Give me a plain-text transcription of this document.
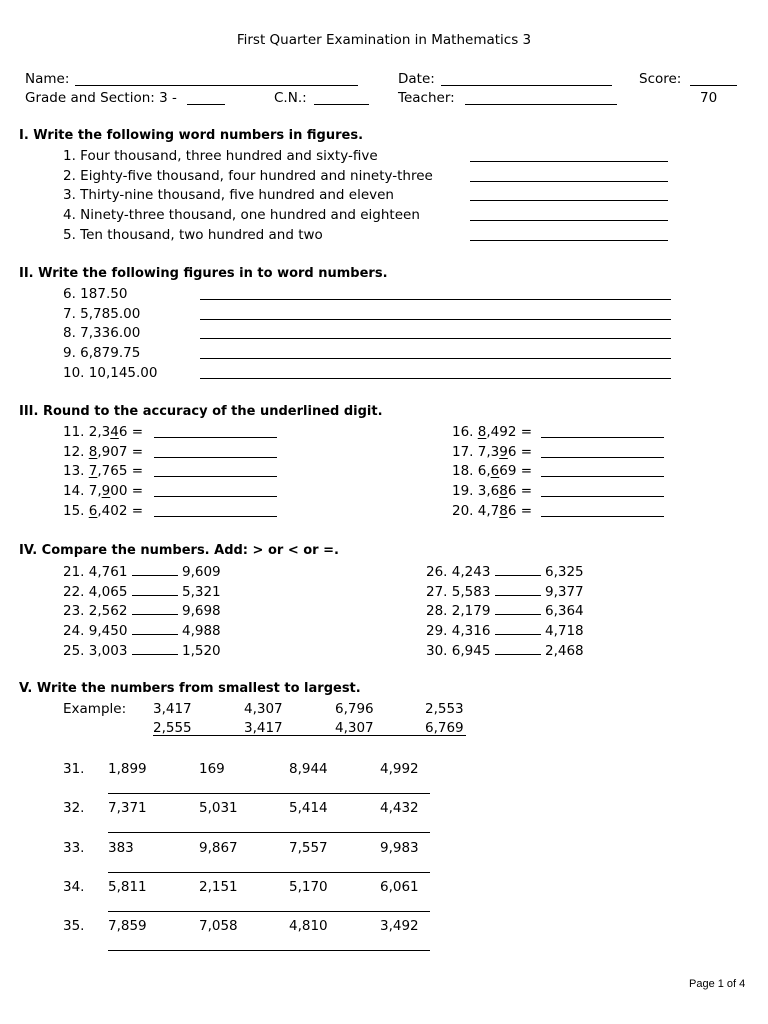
First Quarter Examination in Mathematics 3
Name:	Date:	Score:
Grade and Section: 3 -	C.N.:	Teacher:	70
I. Write the following word numbers in figures.
II. Write the following figures in to word numbers.
III. Round to the accuracy of the underlined digit.
IV. Compare the numbers. Add: > or < or =.
V. Write the numbers from smallest to largest.
Example:
Page 1 of 4
1. Four thousand, three hundred and sixty-five
2. Eighty-five thousand, four hundred and ninety-three
3. Thirty-nine thousand, five hundred and eleven
4. Ninety-three thousand, one hundred and eighteen
5. Ten thousand, two hundred and two
6. 187.50
7. 5,785.00
8. 7,336.00
9. 6,879.75
10. 10,145.00
11. 2,346 =
12. 8,907 =
13. 7,765 =
14. 7,900 =
15. 6,402 =
16. 8,492 =
17. 7,396 =
18. 6,669 =
19. 3,686 =
20. 4,786 =
21. 4,761	9,609
22. 4,065	5,321
23. 2,562	9,698
24. 9,450	4,988
25. 3,003	1,520
26. 4,243	6,325
27. 5,583	9,377
28. 2,179	6,364
29. 4,316	4,718
30. 6,945	2,468
3,417	4,307	6,796	2,553
2,555	3,417	4,307	6,769
31. 1,899	169	8,944	4,992
32. 7,371	5,031	5,414	4,432
33. 383	9,867	7,557	9,983
34. 5,811	2,151	5,170	6,061
35. 7,859	7,058	4,810	3,492
